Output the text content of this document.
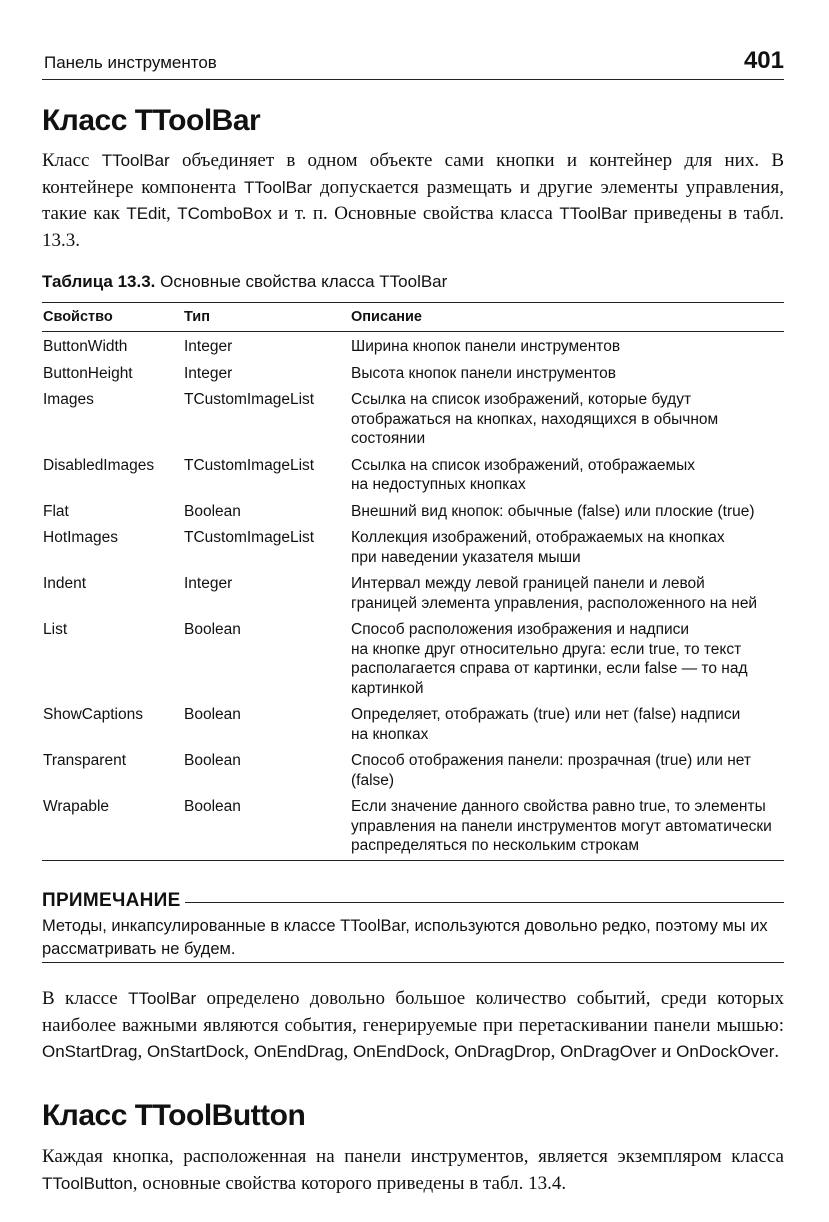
Панель инструментов	401
Класс TToolBar

Класс TToolBar объединяет в одном объекте сами кнопки и контейнер для них. В контейнере компонента TToolBar допускается размещать и другие элементы управления, такие как TEdit, TComboBox и т. п. Основные свойства класса TToolBar приведены в табл. 13.3.

Таблица 13.3. Основные свойства класса TToolBar
Свойство	Тип	Описание
ButtonWidth	Integer	Ширина кнопок панели инструментов
ButtonHeight	Integer	Высота кнопок панели инструментов
Images	TCustomImageList	Ссылка на список изображений, которые будут
отображаться на кнопках, находящихся в обычном
состоянии
DisabledImages	TCustomImageList	Ссылка на список изображений, отображаемых
на недоступных кнопках
Flat	Boolean	Внешний вид кнопок: обычные (false) или плоские (true)
HotImages	TCustomImageList	Коллекция изображений, отображаемых на кнопках
при наведении указателя мыши
Indent	Integer	Интервал между левой границей панели и левой
границей элемента управления, расположенного на ней
List	Boolean	Способ расположения изображения и надписи
на кнопке друг относительно друга: если true, то текст
располагается справа от картинки, если false — то над
картинкой
ShowCaptions	Boolean	Определяет, отображать (true) или нет (false) надписи
на кнопках
Transparent	Boolean	Способ отображения панели: прозрачная (true) или нет
(false)
Wrapable	Boolean	Если значение данного свойства равно true, то элементы
управления на панели инструментов могут автоматически
распределяться по нескольким строкам
ПРИМЕЧАНИЕ

Методы, инкапсулированные в классе TToolBar, используются довольно редко, поэтому мы их рассматривать не будем.

В классе TToolBar определено довольно большое количество событий, среди которых наиболее важными являются события, генерируемые при перетаскивании панели мышью: OnStartDrag, OnStartDock, OnEndDrag, OnEndDock, OnDragDrop, OnDragOver и OnDockOver.

Класс TToolButton

Каждая кнопка, расположенная на панели инструментов, является экземпляром класса TToolButton, основные свойства которого приведены в табл. 13.4.
